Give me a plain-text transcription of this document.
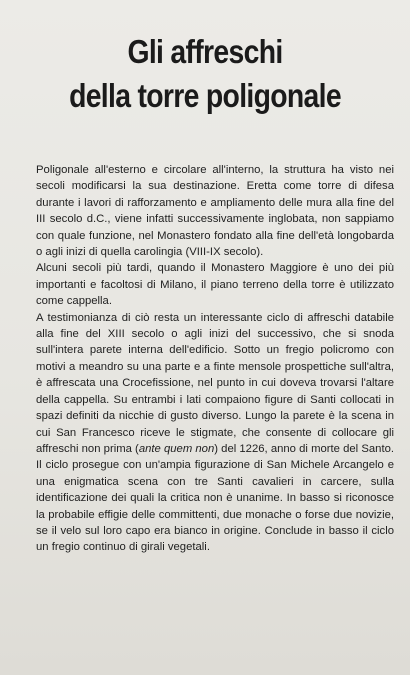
Gli affreschi
della torre poligonale

Poligonale all'esterno e circolare all'interno, la struttura ha visto nei secoli modificarsi la sua destinazione. Eretta come torre di difesa durante i lavori di rafforzamento e ampliamento delle mura alla fine del III secolo d.C., viene infatti successivamente inglobata, non sappiamo con quale funzione, nel Monastero fondato alla fine dell'età longobarda o agli inizi di quella carolingia (VIII-IX secolo).

Alcuni secoli più tardi, quando il Monastero Maggiore è uno dei più importanti e facoltosi di Milano, il piano terreno della torre è utilizzato come cappella.

A testimonianza di ciò resta un interessante ciclo di affreschi databile alla fine del XIII secolo o agli inizi del successivo, che si snoda sull'intera parete interna dell'edificio. Sotto un fregio policromo con motivi a meandro su una parte e a finte mensole prospettiche sull'altra, è affrescata una Crocefissione, nel punto in cui doveva trovarsi l'altare della cappella. Su entrambi i lati compaiono figure di Santi collocati in spazi definiti da nicchie di gusto diverso. Lungo la parete è la scena in cui San Francesco riceve le stigmate, che consente di collocare gli affreschi non prima (ante quem non) del 1226, anno di morte del Santo. Il ciclo prosegue con un'ampia figurazione di San Michele Arcangelo e una enigmatica scena con tre Santi cavalieri in carcere, sulla identificazione dei quali la critica non è unanime. In basso si riconosce la probabile effigie delle committenti, due monache o forse due novizie, se il velo sul loro capo era bianco in origine. Conclude in basso il ciclo un fregio continuo di girali vegetali.
